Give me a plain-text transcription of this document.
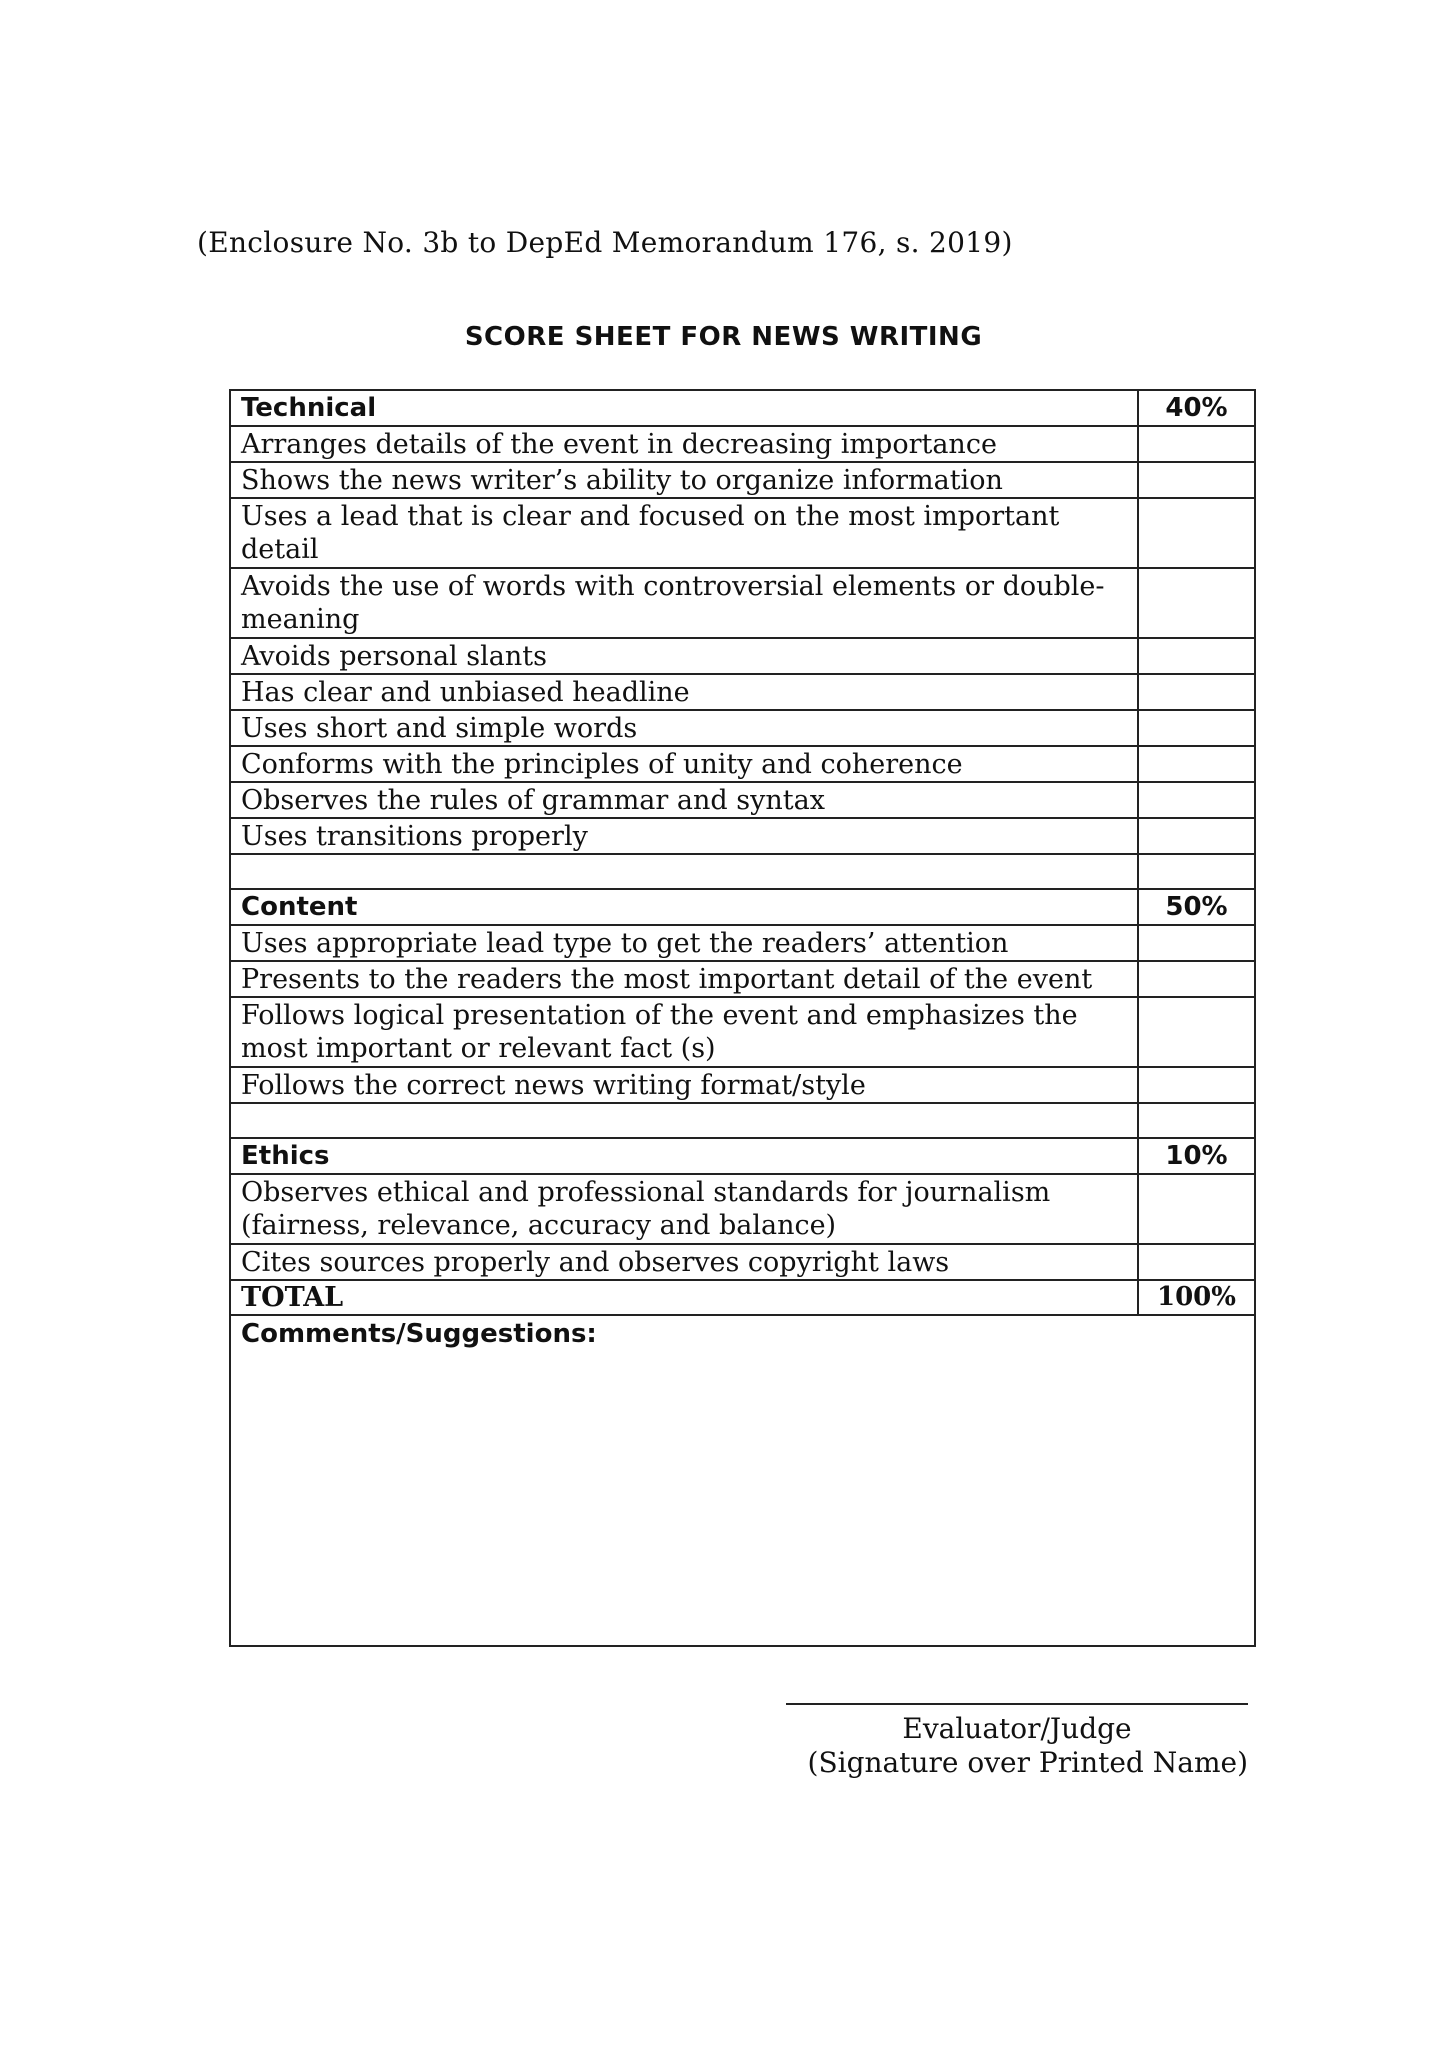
(Enclosure No. 3b to DepEd Memorandum 176, s. 2019)
SCORE SHEET FOR NEWS WRITING
Technical	40%
Arranges details of the event in decreasing importance	
Shows the news writer’s ability to organize information	
Uses a lead that is clear and focused on the most important detail	
Avoids the use of words with controversial elements or double-meaning	
Avoids personal slants	
Has clear and unbiased headline	
Uses short and simple words	
Conforms with the principles of unity and coherence	
Observes the rules of grammar and syntax	
Uses transitions properly	

Content	50%
Uses appropriate lead type to get the readers’ attention	
Presents to the readers the most important detail of the event	
Follows logical presentation of the event and emphasizes the most important or relevant fact (s)	
Follows the correct news writing format/style	

Ethics	10%
Observes ethical and professional standards for journalism (fairness, relevance, accuracy and balance)	
Cites sources properly and observes copyright laws	
TOTAL	100%
Comments/Suggestions:	
Evaluator/Judge
(Signature over Printed Name)
